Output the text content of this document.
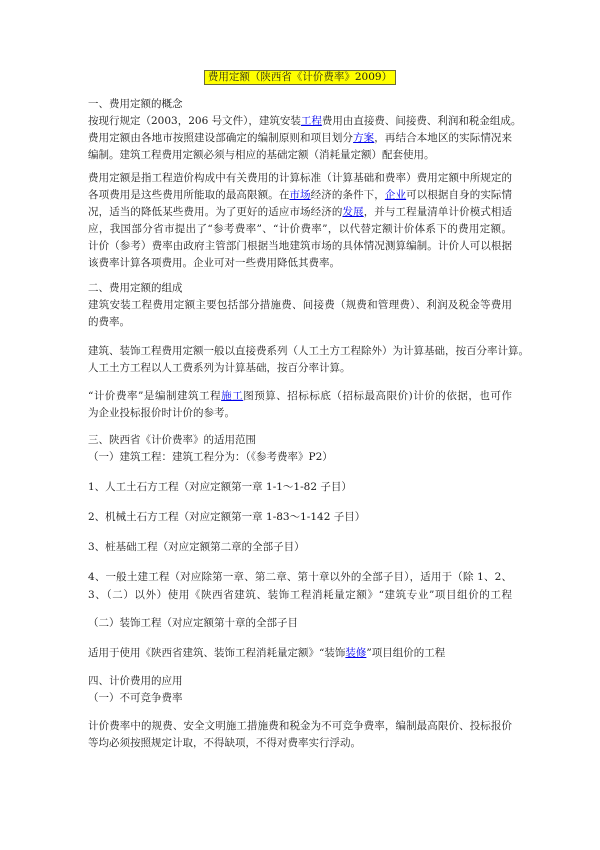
费用定额（陕西省《计价费率》2009）
一、费用定额的概念
按现行规定（2003，206 号文件），建筑安装工程费用由直接费、间接费、利润和税金组成。
费用定额由各地市按照建设部确定的编制原则和项目划分方案，再结合本地区的实际情况来
编制。建筑工程费用定额必须与相应的基础定额（消耗量定额）配套使用。
费用定额是指工程造价构成中有关费用的计算标准（计算基础和费率）费用定额中所规定的
各项费用是这些费用所能取的最高限额。在市场经济的条件下，企业可以根据自身的实际情
况，适当的降低某些费用。为了更好的适应市场经济的发展，并与工程量清单计价模式相适
应，我国部分省市提出了“参考费率”、“计价费率”，以代替定额计价体系下的费用定额。
计价（参考）费率由政府主管部门根据当地建筑市场的具体情况测算编制。计价人可以根据
该费率计算各项费用。企业可对一些费用降低其费率。
二、费用定额的组成
建筑安装工程费用定额主要包括部分措施费、间接费（规费和管理费）、利润及税金等费用
的费率。
建筑、装饰工程费用定额一般以直接费系列（人工土方工程除外）为计算基础，按百分率计算。
人工土方工程以人工费系列为计算基础，按百分率计算。
“计价费率”是编制建筑工程施工图预算、招标标底（招标最高限价)计价的依据，也可作
为企业投标报价时计价的参考。
三、陕西省《计价费率》的适用范围
（一）建筑工程：建筑工程分为：（《参考费率》P2）
1、人工土石方工程（对应定额第一章 1-1～1-82 子目）
2、机械土石方工程（对应定额第一章 1-83～1-142 子目）
3、桩基础工程（对应定额第二章的全部子目）
4、一般土建工程（对应除第一章、第二章、第十章以外的全部子目），适用于（除 1、2、
3、（二）以外）使用《陕西省建筑、装饰工程消耗量定额》“建筑专业”项目组价的工程
（二）装饰工程（对应定额第十章的全部子目
适用于使用《陕西省建筑、装饰工程消耗量定额》“装饰装修”项目组价的工程
四、计价费用的应用
（一）不可竞争费率
计价费率中的规费、安全文明施工措施费和税金为不可竞争费率，编制最高限价、投标报价
等均必须按照规定计取，不得缺项，不得对费率实行浮动。
